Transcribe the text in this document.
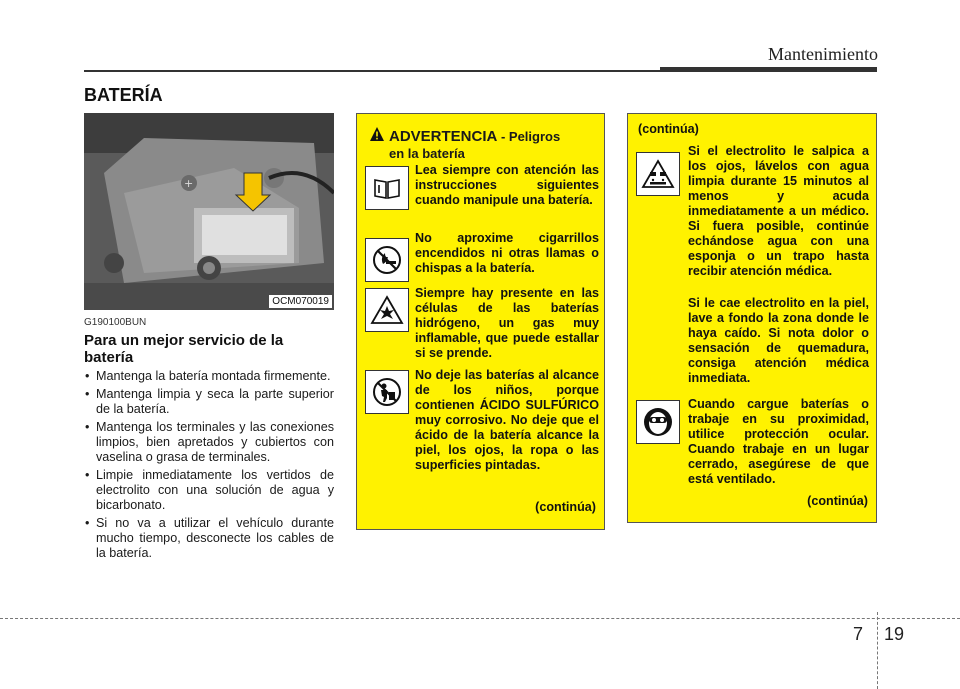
Mantenimiento
BATERÍA
+
OCM070019
G190100BUN
Para un mejor servicio de la batería
• Mantenga la batería montada firmemente.
• Mantenga limpia y seca la parte superior de la batería.
• Mantenga los terminales y las conexiones limpios, bien apretados y cubiertos con vaselina o grasa de terminales.
• Limpie inmediatamente los vertidos de electrolito con una solución de agua y bicarbonato.
• Si no va a utilizar el vehículo durante mucho tiempo, desconecte los cables de la batería.
ADVERTENCIA - Peligros
en la batería
Lea siempre con atención las instrucciones siguientes cuando manipule una batería.
No aproxime cigarrillos encendidos ni otras llamas o chispas a la batería.
Siempre hay presente en las células de las baterías hidrógeno, un gas muy inflamable, que puede estallar si se prende.
No deje las baterías al alcance de los niños, porque contienen ÁCIDO SULFÚRICO muy corrosivo. No deje que el ácido de la batería alcance la piel, los ojos, la ropa o las superficies pintadas.
(continúa)
(continúa)
Si el electrolito le salpica a los ojos, lávelos con agua limpia durante 15 minutos al menos y acuda inmediatamente a un médico. Si fuera posible, continúe echándose agua con una esponja o un trapo hasta recibir atención médica.
Si le cae electrolito en la piel, lave a fondo la zona donde le haya caído. Si nota dolor o sensación de quemadura, consiga atención médica inmediata.
Cuando cargue baterías o trabaje en su proximidad, utilice protección ocular. Cuando trabaje en un lugar cerrado, asegúrese de que está ventilado.
(continúa)
7 19
